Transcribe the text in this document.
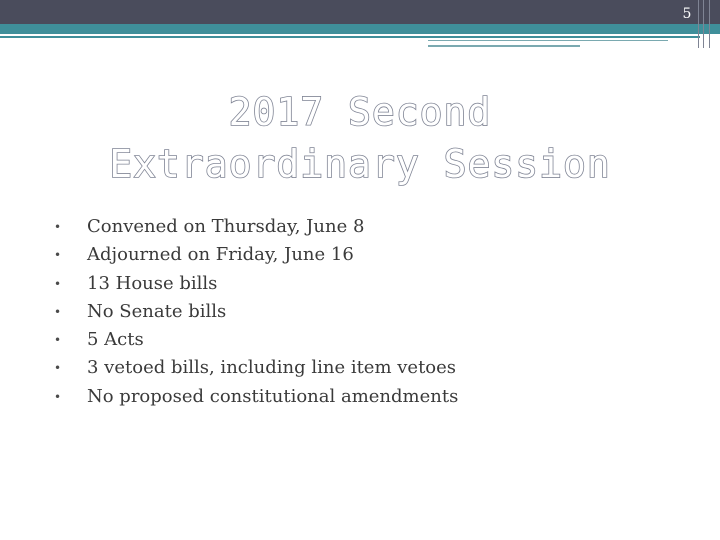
5
2017 Second
Extraordinary Session
• Convened on Thursday, June 8
• Adjourned on Friday, June 16
• 13 House bills
• No Senate bills
• 5 Acts
• 3 vetoed bills, including line item vetoes
• No proposed constitutional amendments
